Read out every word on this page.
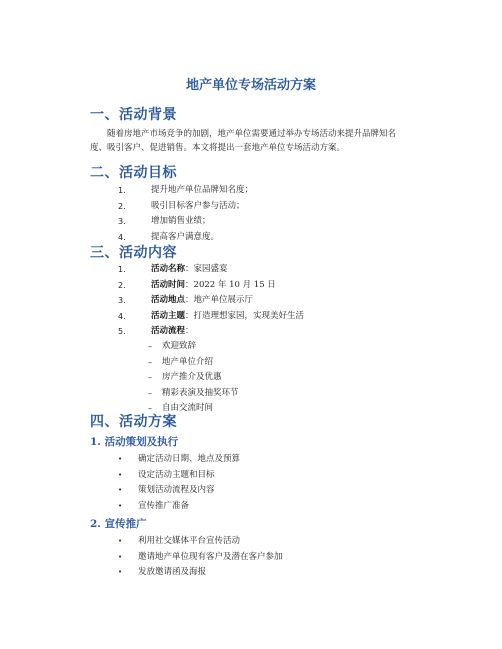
地产单位专场活动方案
一、活动背景

随着房地产市场竞争的加剧，地产单位需要通过举办专场活动来提升品牌知名
度、吸引客户、促进销售。本文将提出一套地产单位专场活动方案。

二、活动目标
1.	提升地产单位品牌知名度；
2.	吸引目标客户参与活动；
3.	增加销售业绩；
4.	提高客户满意度。
三、活动内容
1.	活动名称：家园盛宴
2.	活动时间：2022 年 10 月 15 日
3.	活动地点：地产单位展示厅
4.	活动主题：打造理想家园，实现美好生活
5.	活动流程：
– 欢迎致辞
– 地产单位介绍
– 房产推介及优惠
– 精彩表演及抽奖环节
– 自由交流时间
四、活动方案
1. 活动策划及执行
• 确定活动日期、地点及预算
• 设定活动主题和目标
• 策划活动流程及内容
• 宣传推广准备
2. 宣传推广
• 利用社交媒体平台宣传活动
• 邀请地产单位现有客户及潜在客户参加
• 发放邀请函及海报
